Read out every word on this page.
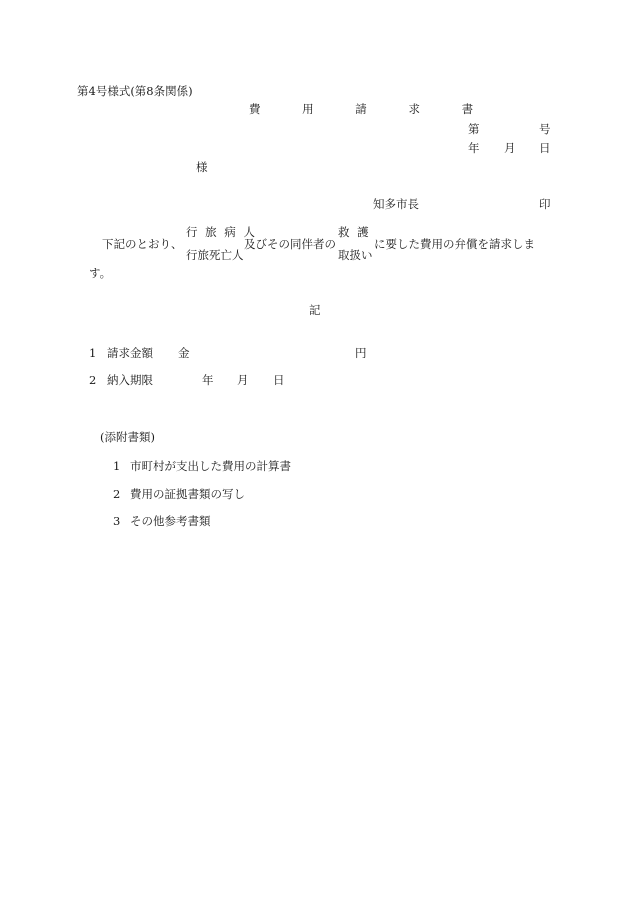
第4号様式(第8条関係)
費 用 請 求 書
第	号
年 月 日
様
知多市長	印
行 旅 病 人	救 護
下記のとおり、	及びその同伴者の	に要した費用の弁償を請求しま
行旅死亡人	取扱い
す。
記
1 請求金額 金	円
2 納入期限	年 月 日
(添附書類)
1 市町村が支出した費用の計算書
2 費用の証拠書類の写し
3 その他参考書類
